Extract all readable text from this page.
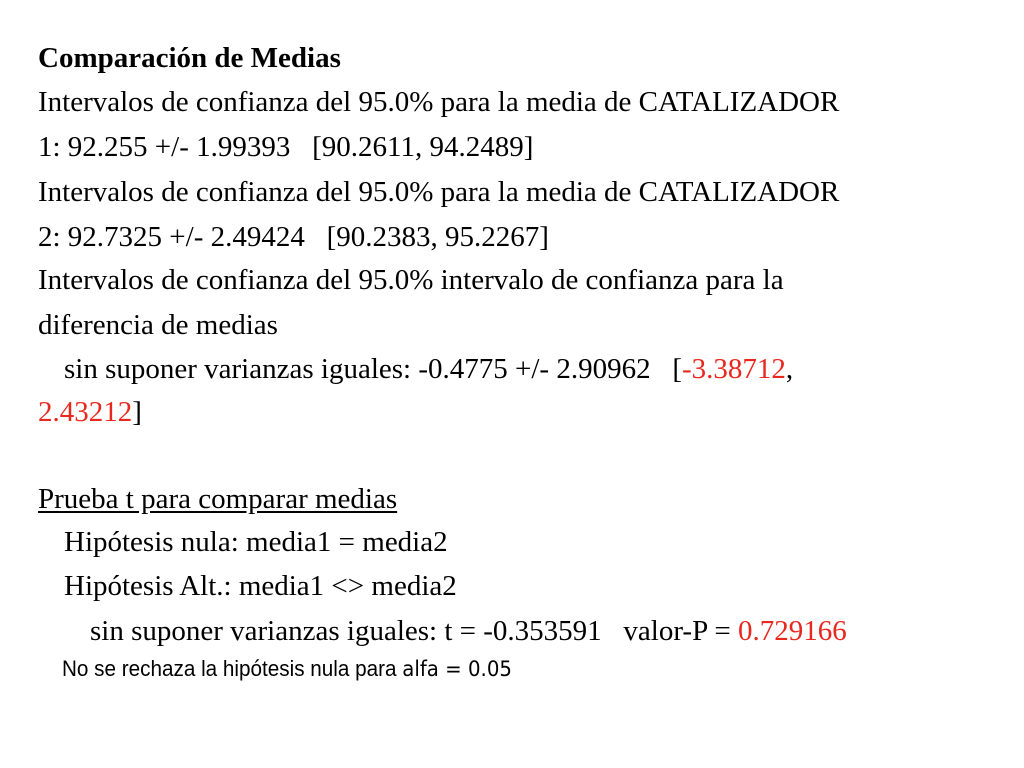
Comparación de Medias
Intervalos de confianza del 95.0% para la media de CATALIZADOR
1: 92.255 +/- 1.99393   [90.2611, 94.2489]
Intervalos de confianza del 95.0% para la media de CATALIZADOR
2: 92.7325 +/- 2.49424   [90.2383, 95.2267]
Intervalos de confianza del 95.0% intervalo de confianza para la
diferencia de medias
sin suponer varianzas iguales: -0.4775 +/- 2.90962   [-3.38712,
2.43212]
Prueba t para comparar medias
Hipótesis nula: media1 = media2
Hipótesis Alt.: media1 <> media2
sin suponer varianzas iguales: t = -0.353591   valor-P = 0.729166
No se rechaza la hipótesis nula para alfa = 0.05
